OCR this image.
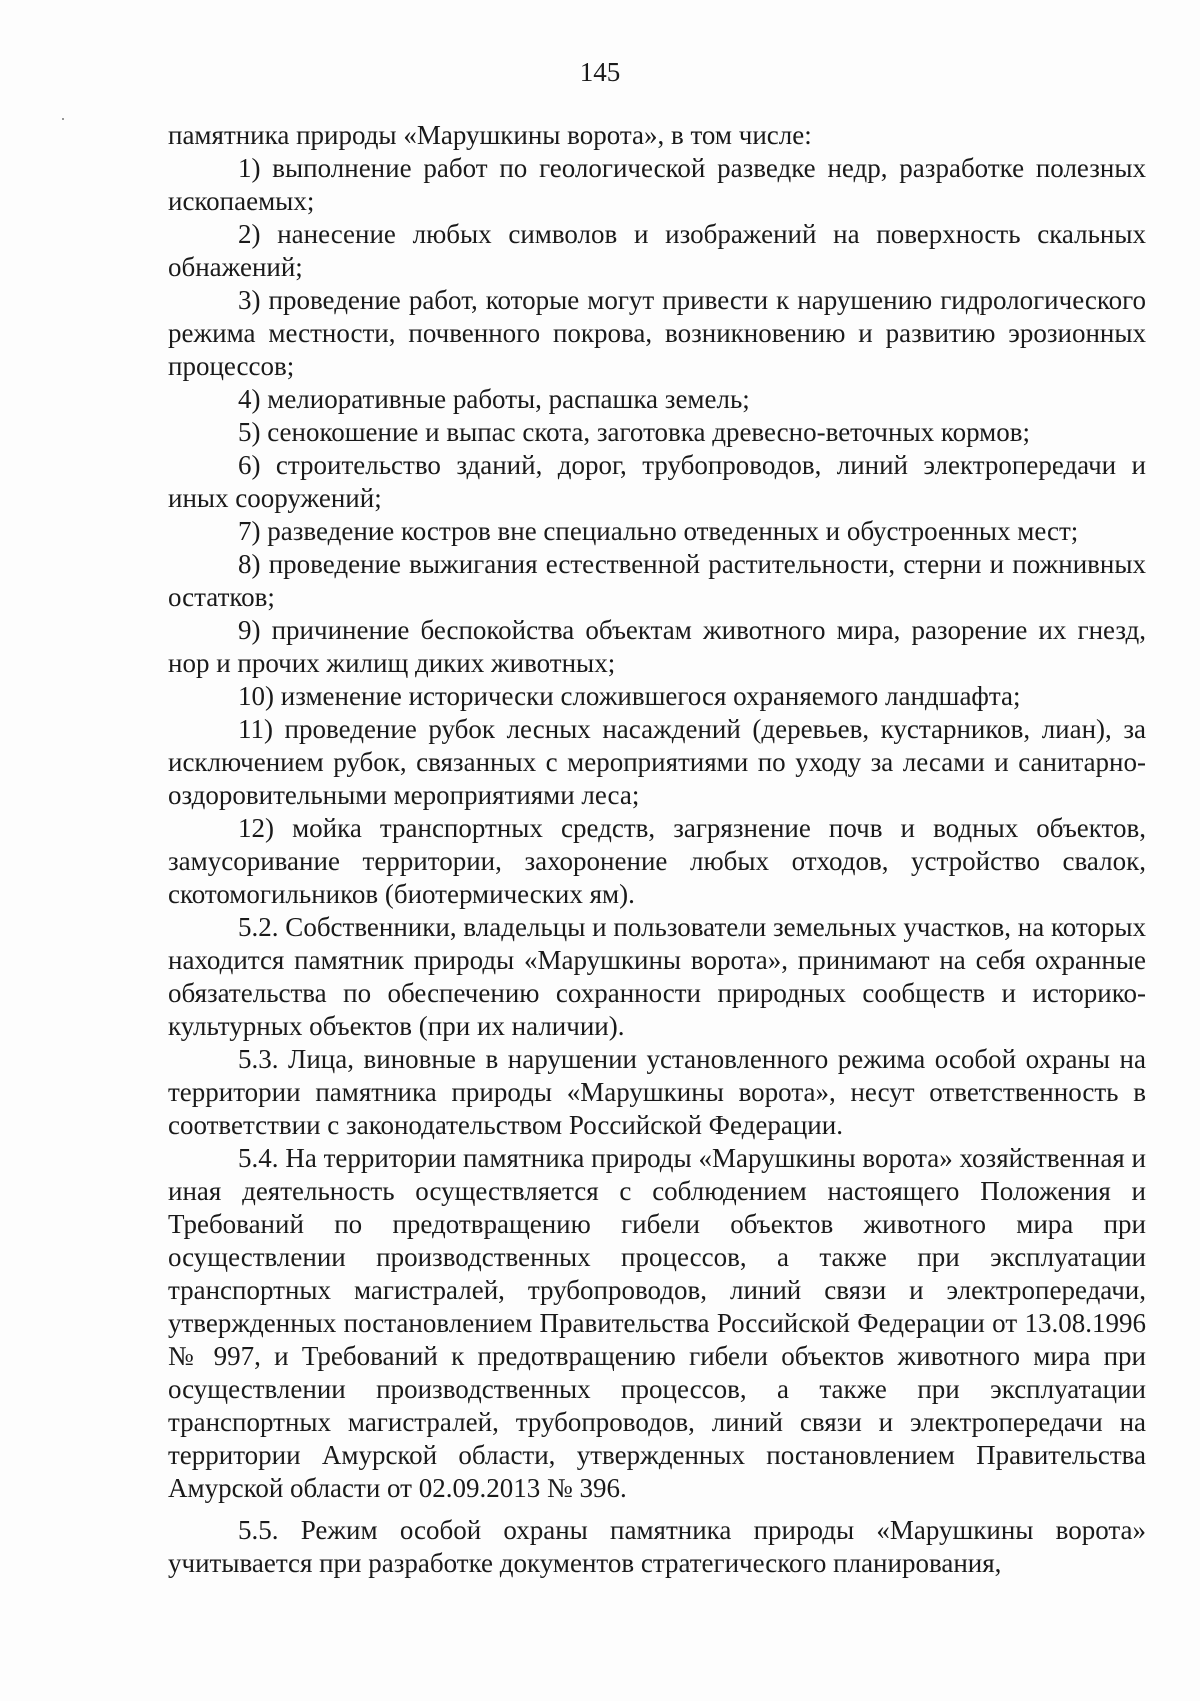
145

памятника природы «Марушкины ворота», в том числе:

1) выполнение работ по геологической разведке недр, разработке полезных ископаемых;

2) нанесение любых символов и изображений на поверхность скальных обнажений;

3) проведение работ, которые могут привести к нарушению гидрологического режима местности, почвенного покрова, возникновению и развитию эрозионных процессов;

4) мелиоративные работы, распашка земель;

5) сенокошение и выпас скота, заготовка древесно-веточных кормов;

6) строительство зданий, дорог, трубопроводов, линий электропередачи и иных сооружений;

7) разведение костров вне специально отведенных и обустроенных мест;

8) проведение выжигания естественной растительности, стерни и пожнивных остатков;

9) причинение беспокойства объектам животного мира, разорение их гнезд, нор и прочих жилищ диких животных;

10) изменение исторически сложившегося охраняемого ландшафта;

11) проведение рубок лесных насаждений (деревьев, кустарников, лиан), за исключением рубок, связанных с мероприятиями по уходу за лесами и санитарно-оздоровительными мероприятиями леса;

12) мойка транспортных средств, загрязнение почв и водных объектов, замусоривание территории, захоронение любых отходов, устройство свалок, скотомогильников (биотермических ям).

5.2. Собственники, владельцы и пользователи земельных участков, на которых находится памятник природы «Марушкины ворота», принимают на себя охранные обязательства по обеспечению сохранности природных сообществ и историко-культурных объектов (при их наличии).

5.3. Лица, виновные в нарушении установленного режима особой охраны на территории памятника природы «Марушкины ворота», несут ответственность в соответствии с законодательством Российской Федерации.

5.4. На территории памятника природы «Марушкины ворота» хозяйственная и иная деятельность осуществляется с соблюдением настоящего Положения и Требований по предотвращению гибели объектов животного мира при осуществлении производственных процессов, а также при эксплуатации транспортных магистралей, трубопроводов, линий связи и электропередачи, утвержденных постановлением Правительства Российской Федерации от 13.08.1996 № 997, и Требований к предотвращению гибели объектов животного мира при осуществлении производственных процессов, а также при эксплуатации транспортных магистралей, трубопроводов, линий связи и электропередачи на территории Амурской области, утвержденных постановлением Правительства Амурской области от 02.09.2013 № 396.

5.5. Режим особой охраны памятника природы «Марушкины ворота» учитывается при разработке документов стратегического планирования,
